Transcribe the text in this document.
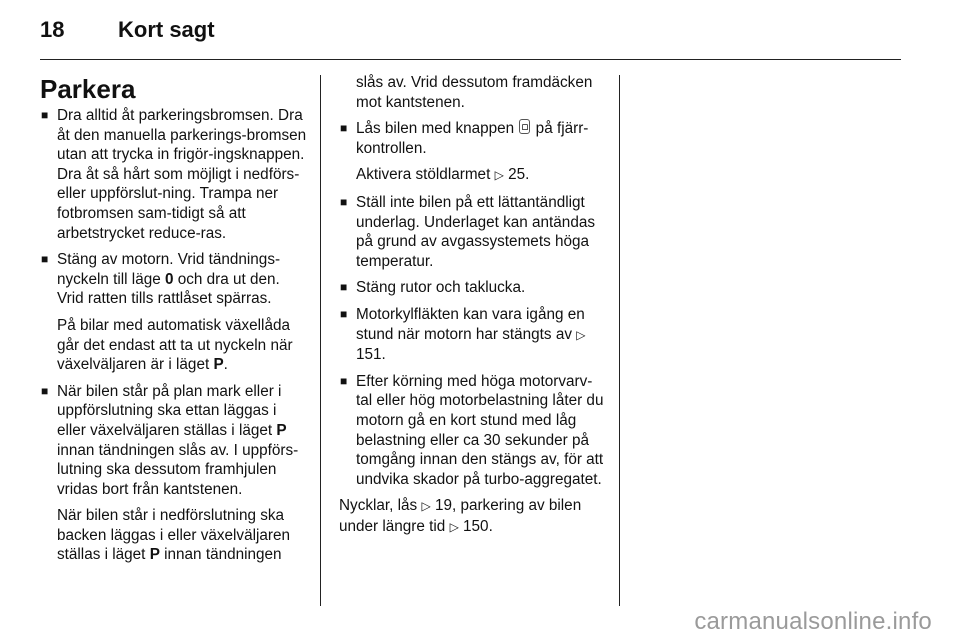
18 Kort sagt
Parkera
■ Dra alltid åt parkeringsbromsen. Dra åt den manuella parkerings-bromsen utan att trycka in frigör-ingsknappen. Dra åt så hårt som möjligt i nedförs- eller uppförslut-ning. Trampa ner fotbromsen sam-tidigt så att arbetstrycket reduce-ras.
■ Stäng av motorn. Vrid tändnings-nyckeln till läge 0 och dra ut den. Vrid ratten tills rattlåset spärras.
På bilar med automatisk växellåda går det endast att ta ut nyckeln när växelväljaren är i läget P.
■ När bilen står på plan mark eller i uppförslutning ska ettan läggas i eller växelväljaren ställas i läget P innan tändningen slås av. I uppförs-lutning ska dessutom framhjulen vridas bort från kantstenen.
När bilen står i nedförslutning ska backen läggas i eller växelväljaren ställas i läget P innan tändningen
slås av. Vrid dessutom framdäcken mot kantstenen.
■ Lås bilen med knappen  på fjärr-kontrollen.
Aktivera stöldlarmet ▷ 25.
■ Ställ inte bilen på ett lättantändligt underlag. Underlaget kan antändas på grund av avgassystemets höga temperatur.
■ Stäng rutor och taklucka.
■ Motorkylfläkten kan vara igång en stund när motorn har stängts av ▷ 151.
■ Efter körning med höga motorvarv-tal eller hög motorbelastning låter du motorn gå en kort stund med låg belastning eller ca 30 sekunder på tomgång innan den stängs av, för att undvika skador på turbo-aggregatet.

Nycklar, lås ▷ 19, parkering av bilen under längre tid ▷ 150.

carmanualsonline.info
